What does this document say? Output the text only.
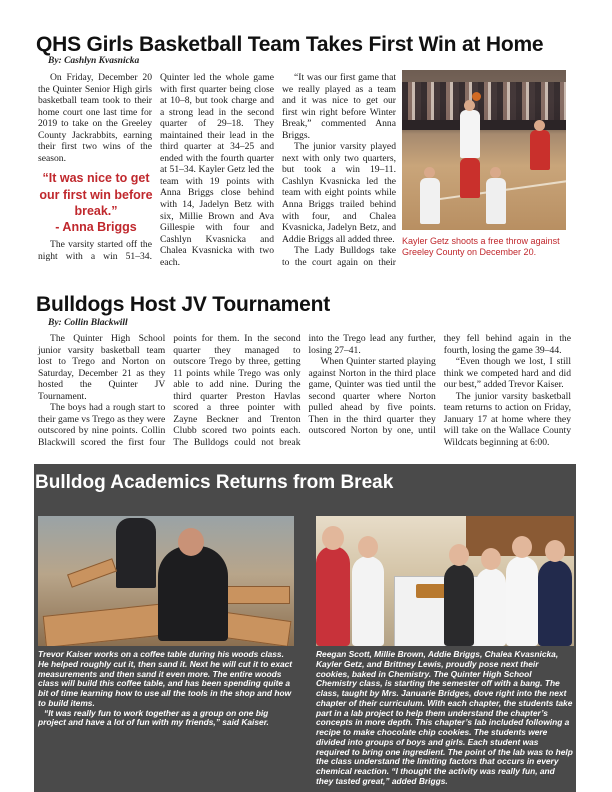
QHS Girls Basketball Team Takes First Win at Home
By: Cashlyn Kvasnicka

On Friday, December 20 the Quinter Senior High girls basketball team took to their home court one last time for 2019 to take on the Greeley County Jackrabbits, earning their first two wins of the season.

“It was nice to get
our first win before
break.”
- Anna Briggs

The varsity started off the night with a win 51–34. Quinter led the whole game with first quarter being close at 10–8, but took charge and a strong lead in the second quarter of 29–18. They maintained their lead in the third quarter at 34–25 and ended with the fourth quarter at 51–34. Kayler Getz led the team with 19 points with Anna Briggs close behind with 14, Jadelyn Betz with six, Millie Brown and Ava Gillespie with four and Cashlyn Kvasnicka and Chalea Kvasnicka with two each.

“It was our first game that we really played as a team and it was nice to get our first win right before Winter Break,” commented Anna Briggs.

The junior varsity played next with only two quarters, but took a win 19–11. Cashlyn Kvasnicka led the team with eight points while Anna Briggs trailed behind with four, and Chalea Kvasnicka, Jadelyn Betz, and Addie Briggs all added three.

The Lady Bulldogs take to the court again on their

Kayler Getz shoots a free throw against Greeley County on December 20.

Bulldogs Host JV Tournament
By: Collin Blackwill

The Quinter High School junior varsity basketball team lost to Trego and Norton on Saturday, December 21 as they hosted the Quinter JV Tournament.

The boys had a rough start to their game vs Trego as they were outscored by nine points. Collin Blackwill scored the first four points for them. In the second quarter they managed to outscore Trego by three, getting 11 points while Trego was only able to add nine. During the third quarter Preston Havlas scored a three pointer with Zayne Beckner and Trenton Clubb scored two points each. The Bulldogs could not break into the Trego lead any further, losing 27–41.

When Quinter started playing against Norton in the third place game, Quinter was tied until the second quarter where Norton pulled ahead by five points. Then in the third quarter they outscored Norton by one, until they fell behind again in the fourth, losing the game 39–44.

“Even though we lost, I still think we competed hard and did our best,” added Trevor Kaiser.

The junior varsity basketball team returns to action on Friday, January 17 at home where they will take on the Wallace County Wildcats beginning at 6:00.

Bulldog Academics Returns from Break

Trevor Kaiser works on a coffee table during his woods class. He helped roughly cut it, then sand it. Next he will cut it to exact measurements and then sand it even more. The entire woods class will build this coffee table, and has been spending quite a bit of time learning how to use all the tools in the shop and how to build items.

“It was really fun to work together as a group on one big project and have a lot of fun with my friends,” said Kaiser.

Reegan Scott, Millie Brown, Addie Briggs, Chalea Kvasnicka, Kayler Getz, and Brittney Lewis, proudly pose next their cookies, baked in Chemistry. The Quinter High School Chemistry class, is starting the semester off with a bang. The class, taught by Mrs. Januarie Bridges, dove right into the next chapter of their curriculum. With each chapter, the students take part in a lab project to help them understand the chapter’s concepts in more depth. This chapter’s lab included following a recipe to make chocolate chip cookies. The students were divided into groups of boys and girls. Each student was required to bring one ingredient. The point of the lab was to help the class understand the limiting factors that occurs in every chemical reaction. “I thought the activity was really fun, and they tasted great,” added Briggs.
